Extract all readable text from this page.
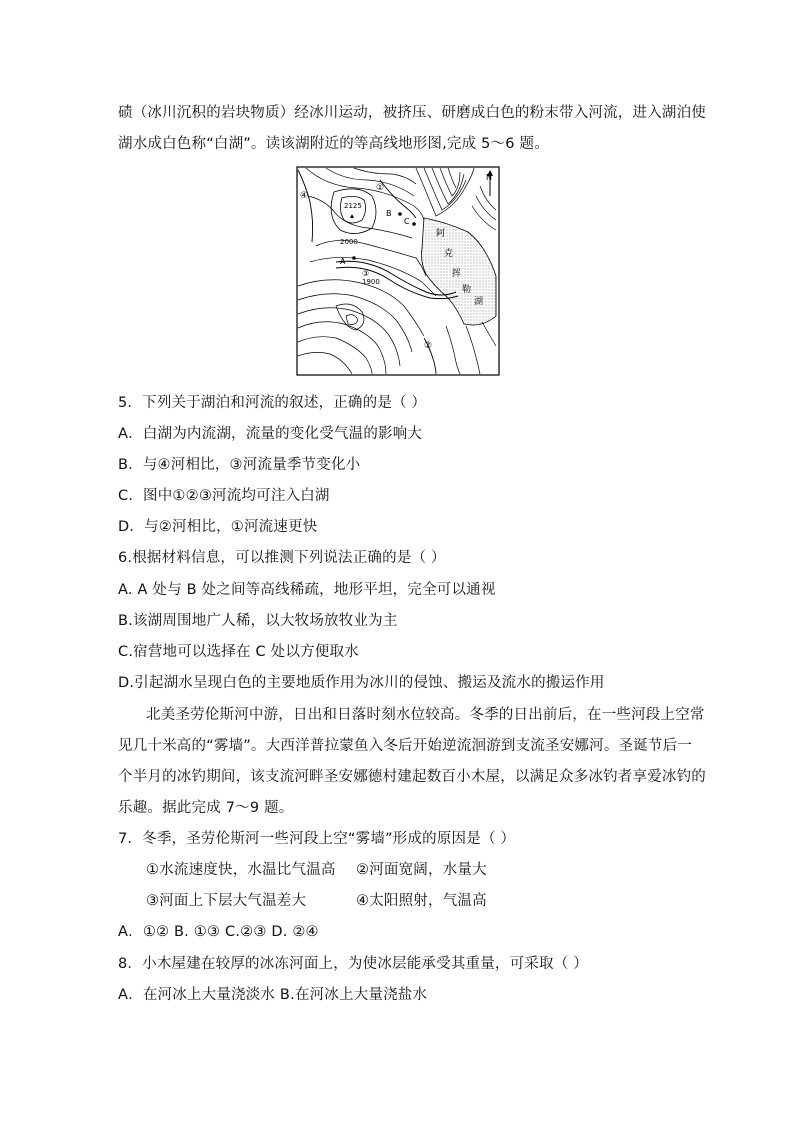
碛（冰川沉积的岩块物质）经冰川运动，被挤压、研磨成白色的粉末带入河流，进入湖泊使
湖水成白色称“白湖”。读该湖附近的等高线地形图,完成 5～6 题。
①
②
③
④
N
2125
2000
1900
A
B
C
阿
克
挥
勒
湖
5．下列关于湖泊和河流的叙述，正确的是（ ）
A．白湖为内流湖，流量的变化受气温的影响大
B．与④河相比，③河流量季节变化小
C．图中①②③河流均可注入白湖
D．与②河相比，①河流速更快
6.根据材料信息，可以推测下列说法正确的是（ ）
A. A 处与 B 处之间等高线稀疏，地形平坦，完全可以通视
B.该湖周围地广人稀，以大牧场放牧业为主
C.宿营地可以选择在 C 处以方便取水
D.引起湖水呈现白色的主要地质作用为冰川的侵蚀、搬运及流水的搬运作用
北美圣劳伦斯河中游，日出和日落时刻水位较高。冬季的日出前后，在一些河段上空常
见几十米高的“雾墙”。大西洋普拉蒙鱼入冬后开始逆流洄游到支流圣安娜河。圣诞节后一
个半月的冰钓期间，该支流河畔圣安娜德村建起数百小木屋，以满足众多冰钓者享爱冰钓的
乐趣。据此完成 7～9 题。
7．冬季，圣劳伦斯河一些河段上空“雾墙”形成的原因是（ ）
①水流速度快，水温比气温高 ②河面宽阔，水量大
③河面上下层大气温差大	④太阳照射，气温高
A．①② B. ①③ C.②③ D. ②④
8．小木屋建在较厚的冰冻河面上，为使冰层能承受其重量，可采取（ ）
A．在河冰上大量浇淡水 B.在河冰上大量浇盐水
